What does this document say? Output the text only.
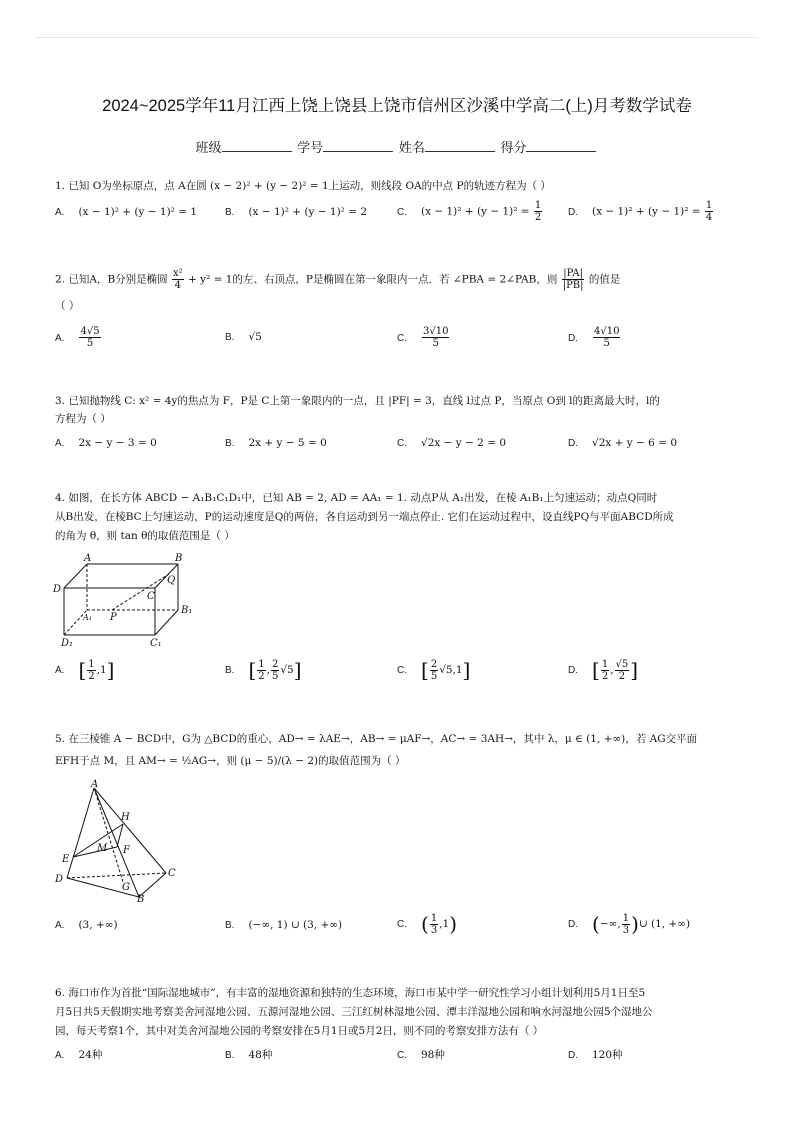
2024~2025学年11月江西上饶上饶县上饶市信州区沙溪中学高二(上)月考数学试卷
班级	学号	姓名	得分
1. 已知 O为坐标原点，点 A在圆 (x − 2)² + (y − 2)² = 1上运动，则线段 OA的中点 P的轨迹方程为（ ）
A. (x − 1)² + (y − 1)² = 1	B. (x − 1)² + (y − 1)² = 2	C. $(x - 1)^2 + (y - 1)^2 = \frac{1}{2}$	D. $(x - 1)^2 + (y - 1)^2 = \frac{1}{4}$
2. 已知A，B分别是椭圆 $\frac{\text{x²}}{4} + y^2 = 1$的左、右顶点，P是椭圆在第一象限内一点．若 ∠PBA = 2∠PAB，则 $\frac{|PA|}{|PB|}$ 的值是
（ ）
A. $\frac{4√5}{5}$	B. √5	C. $\frac{3√10}{5}$	D. $\frac{4√10}{5}$
3. 已知抛物线 C: x² = 4y的焦点为 F，P是 C上第一象限内的一点，且 |PF| = 3，直线 l过点 P，当原点 O到 l的距离最大时，l的
方程为（ ）
A. 2x − y − 3 = 0	B. 2x + y − 5 = 0	C. √2x − y − 2 = 0	D. √2x + y − 6 = 0
4. 如图，在长方体 ABCD − A₁B₁C₁D₁中，已知 AB = 2, AD = AA₁ = 1. 动点P从 A₁出发，在棱 A₁B₁上匀速运动；动点Q同时
从B出发，在棱BC上匀速运动，P的运动速度是Q的两倍，各自运动到另一端点停止. 它们在运动过程中，设直线PQ与平面ABCD所成
的角为 θ，则 tan θ的取值范围是（ ）
A	B
C
D
Q
B₁
A₁ P
D₁	C₁
A. [ $\frac{1}{2} ,1$]	B. [ $\frac{1}{2}$ , $\frac{2}{5} √5$]	C. [ $\frac{2}{5} √5,1$]	D. [ $\frac{1}{2}$ , $\frac{√5}{2}$ ]
5. 在三棱锥 A − BCD中，G为 △BCD的重心，AD→ = λAE→，AB→ = μAF→，AC→ = 3AH→，其中 λ，μ ∈ (1, +∞)，若 AG交平面
EFH于点 M，且 AM→ = ½AG→，则 (μ − 5)/(λ − 2)的取值范围为（ ）
A
H
M F
E
C
D
G
B
A. (3, +∞)	B. (−∞, 1) ∪ (3, +∞)	C. ( $\frac{1}{3} ,1$)	D. (−∞, $\frac{1}{3}$ )∪ (1, +∞)
6. 海口市作为首批“国际湿地城市”，有丰富的湿地资源和独特的生态环境，海口市某中学一研究性学习小组计划利用5月1日至5
月5日共5天假期实地考察美舍河湿地公园、五源河湿地公园、三江红树林湿地公园、潭丰洋湿地公园和响水河湿地公园5个湿地公
园，每天考察1个，其中对美舍河湿地公园的考察安排在5月1日或5月2日，则不同的考察安排方法有（ ）
A. 24种	B. 48种	C. 98种	D. 120种
